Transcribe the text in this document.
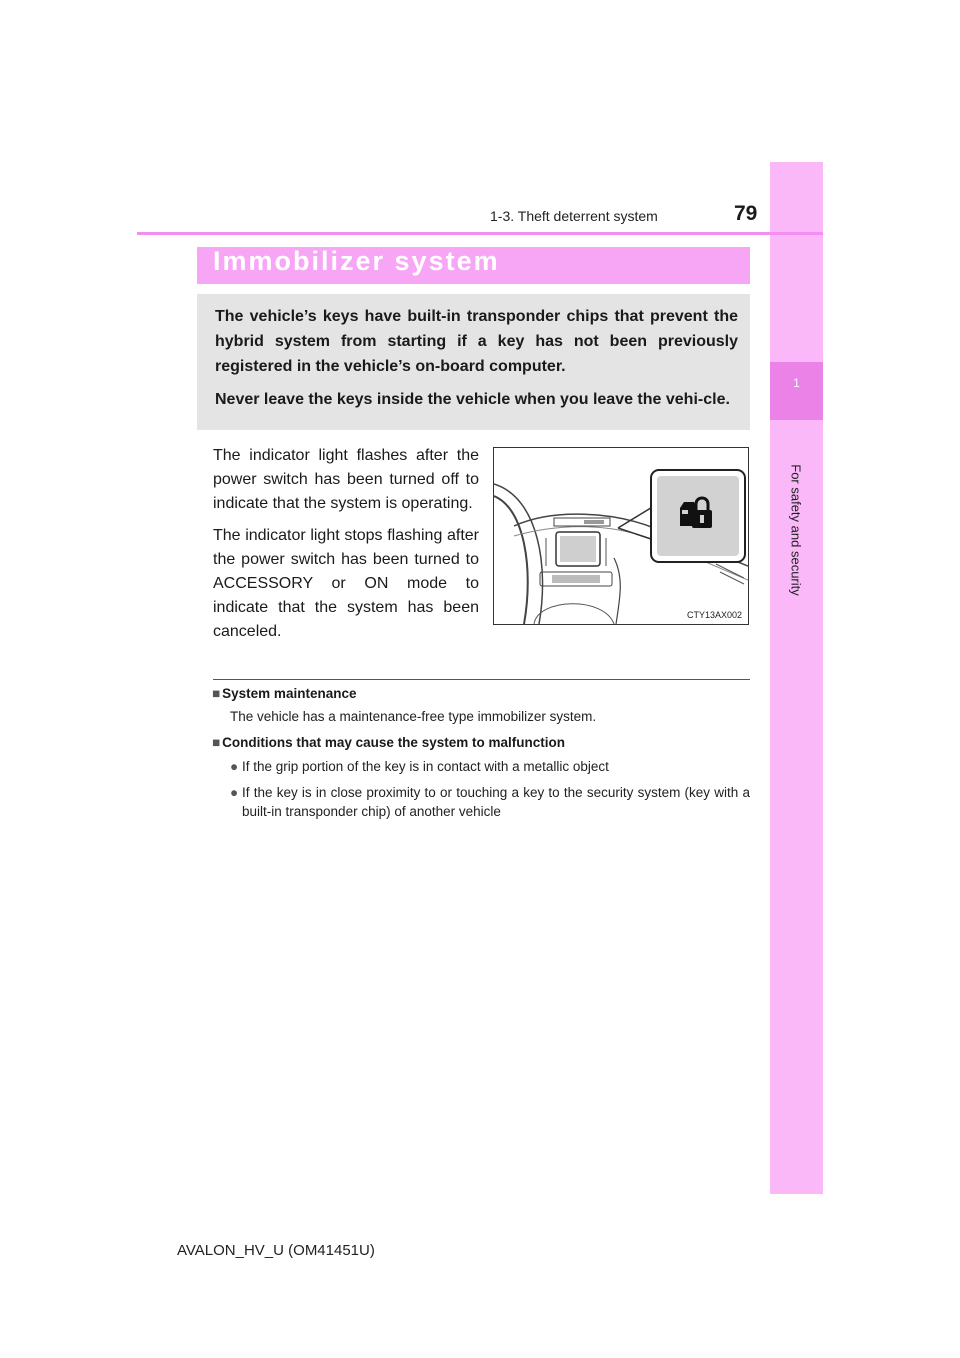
1
For safety and security
1-3. Theft deterrent system	79
Immobilizer system

The vehicle’s keys have built-in transponder chips that prevent the hybrid system from starting if a key has not been previously registered in the vehicle’s on-board computer.

Never leave the keys inside the vehicle when you leave the vehi-cle.

The indicator light flashes after the power switch has been turned off to indicate that the system is operating.

The indicator light stops flashing after the power switch has been turned to ACCESSORY or ON mode to indicate that the system has been canceled.

CTY13AX002
■ System maintenance
The vehicle has a maintenance-free type immobilizer system.
■ Conditions that may cause the system to malfunction
● If the grip portion of the key is in contact with a metallic object
● If the key is in close proximity to or touching a key to the security system (key with a built-in transponder chip) of another vehicle
AVALON_HV_U (OM41451U)
